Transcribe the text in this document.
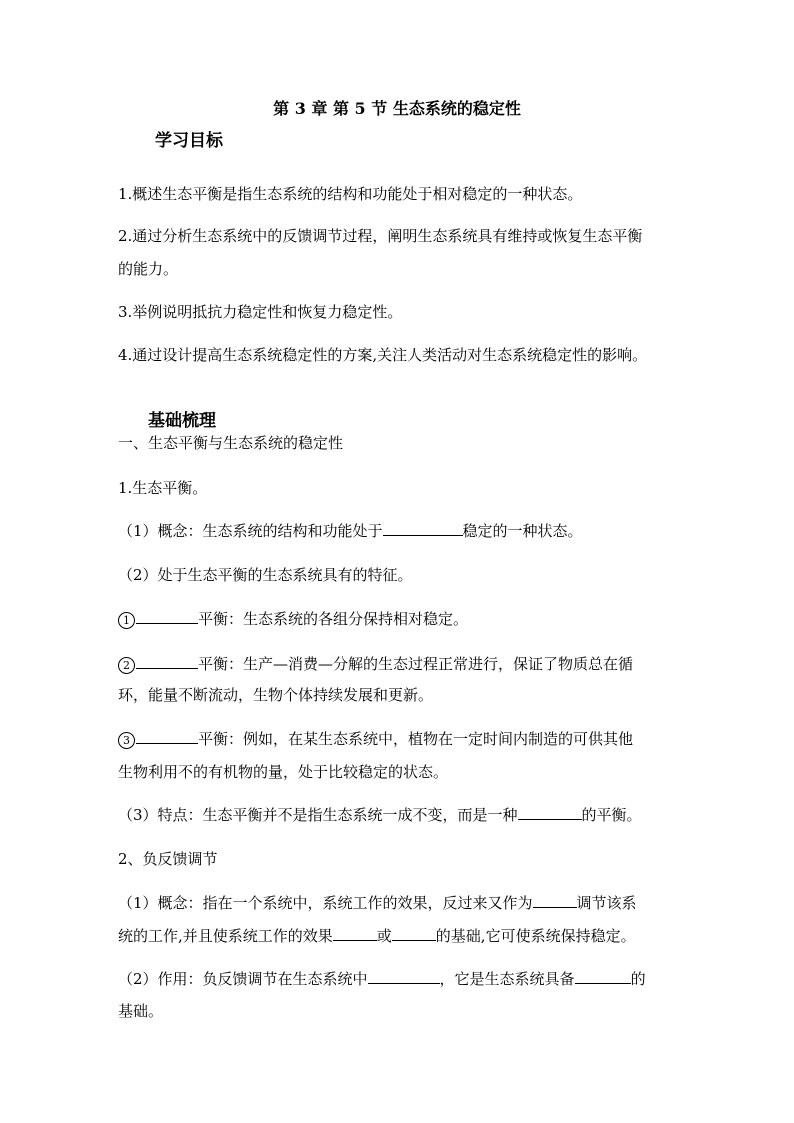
第 3 章 第 5 节 生态系统的稳定性
学习目标
1.概述生态平衡是指生态系统的结构和功能处于相对稳定的一种状态。
2.通过分析生态系统中的反馈调节过程，阐明生态系统具有维持或恢复生态平衡
的能力。
3.举例说明抵抗力稳定性和恢复力稳定性。
4.通过设计提高生态系统稳定性的方案,关注人类活动对生态系统稳定性的影响。
基础梳理
一、生态平衡与生态系统的稳定性
1.生态平衡。
（1）概念：生态系统的结构和功能处于	稳定的一种状态。
（2）处于生态平衡的生态系统具有的特征。
1	平衡：生态系统的各组分保持相对稳定。
2	平衡：生产—消费—分解的生态过程正常进行，保证了物质总在循
环，能量不断流动，生物个体持续发展和更新。
3	平衡：例如，在某生态系统中，植物在一定时间内制造的可供其他
生物利用不的有机物的量，处于比较稳定的状态。
（3）特点：生态平衡并不是指生态系统一成不变，而是一种	的平衡。
2、负反馈调节
（1）概念：指在一个系统中，系统工作的效果，反过来又作为	调节该系
统的工作,并且使系统工作的效果	或	的基础,它可使系统保持稳定。
（2）作用：负反馈调节在生态系统中	，它是生态系统具备	的
基础。
